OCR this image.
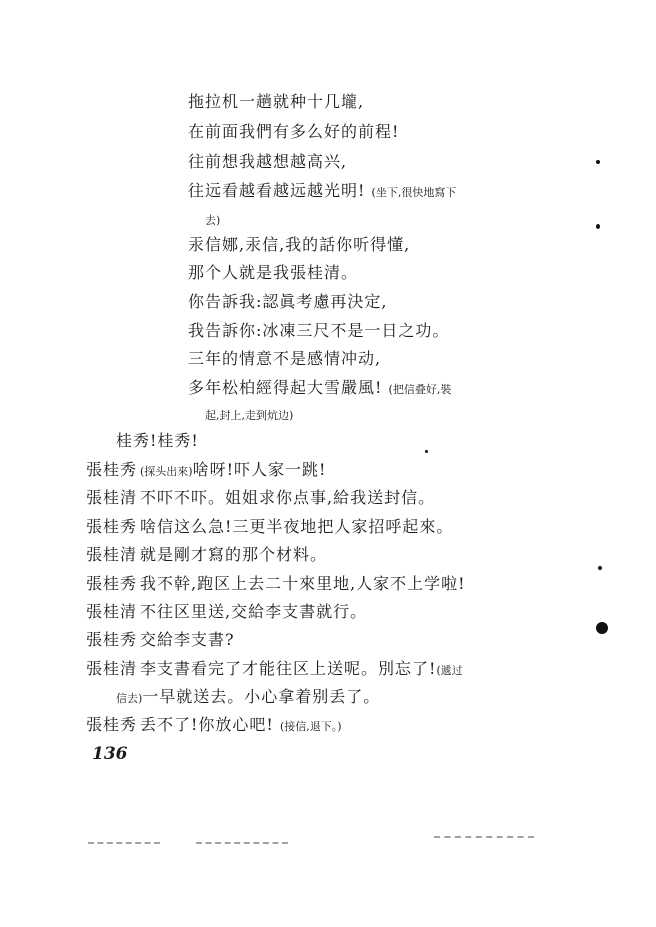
拖拉机一趟就种十几壠,
在前面我們有多么好的前程!
往前想我越想越高兴,
往远看越看越远越光明! (坐下,很快地寫下
去)
汞信娜,汞信,我的話你听得懂,
那个人就是我張桂清。
你告訴我:認眞考慮再決定,
我告訴你:冰凍三尺不是一日之功。
三年的情意不是感情冲动,
多年松柏經得起大雪嚴風! (把信叠好,裝
起,封上,走到炕边)
桂秀!桂秀!
張桂秀 (探头出來)啥呀!吓人家一跳!
張桂清 不吓不吓。姐姐求你点事,給我送封信。
張桂秀 啥信这么急!三更半夜地把人家招呼起來。
張桂清 就是剛才寫的那个材料。
張桂秀 我不幹,跑区上去二十來里地,人家不上学啦!
張桂清 不往区里送,交給李支書就行。
張桂秀 交給李支書?
張桂清 李支書看完了才能往区上送呢。別忘了!(遞过
信去)一早就送去。小心拿着别丢了。
張桂秀 丢不了!你放心吧! (接信,退下。)
136
